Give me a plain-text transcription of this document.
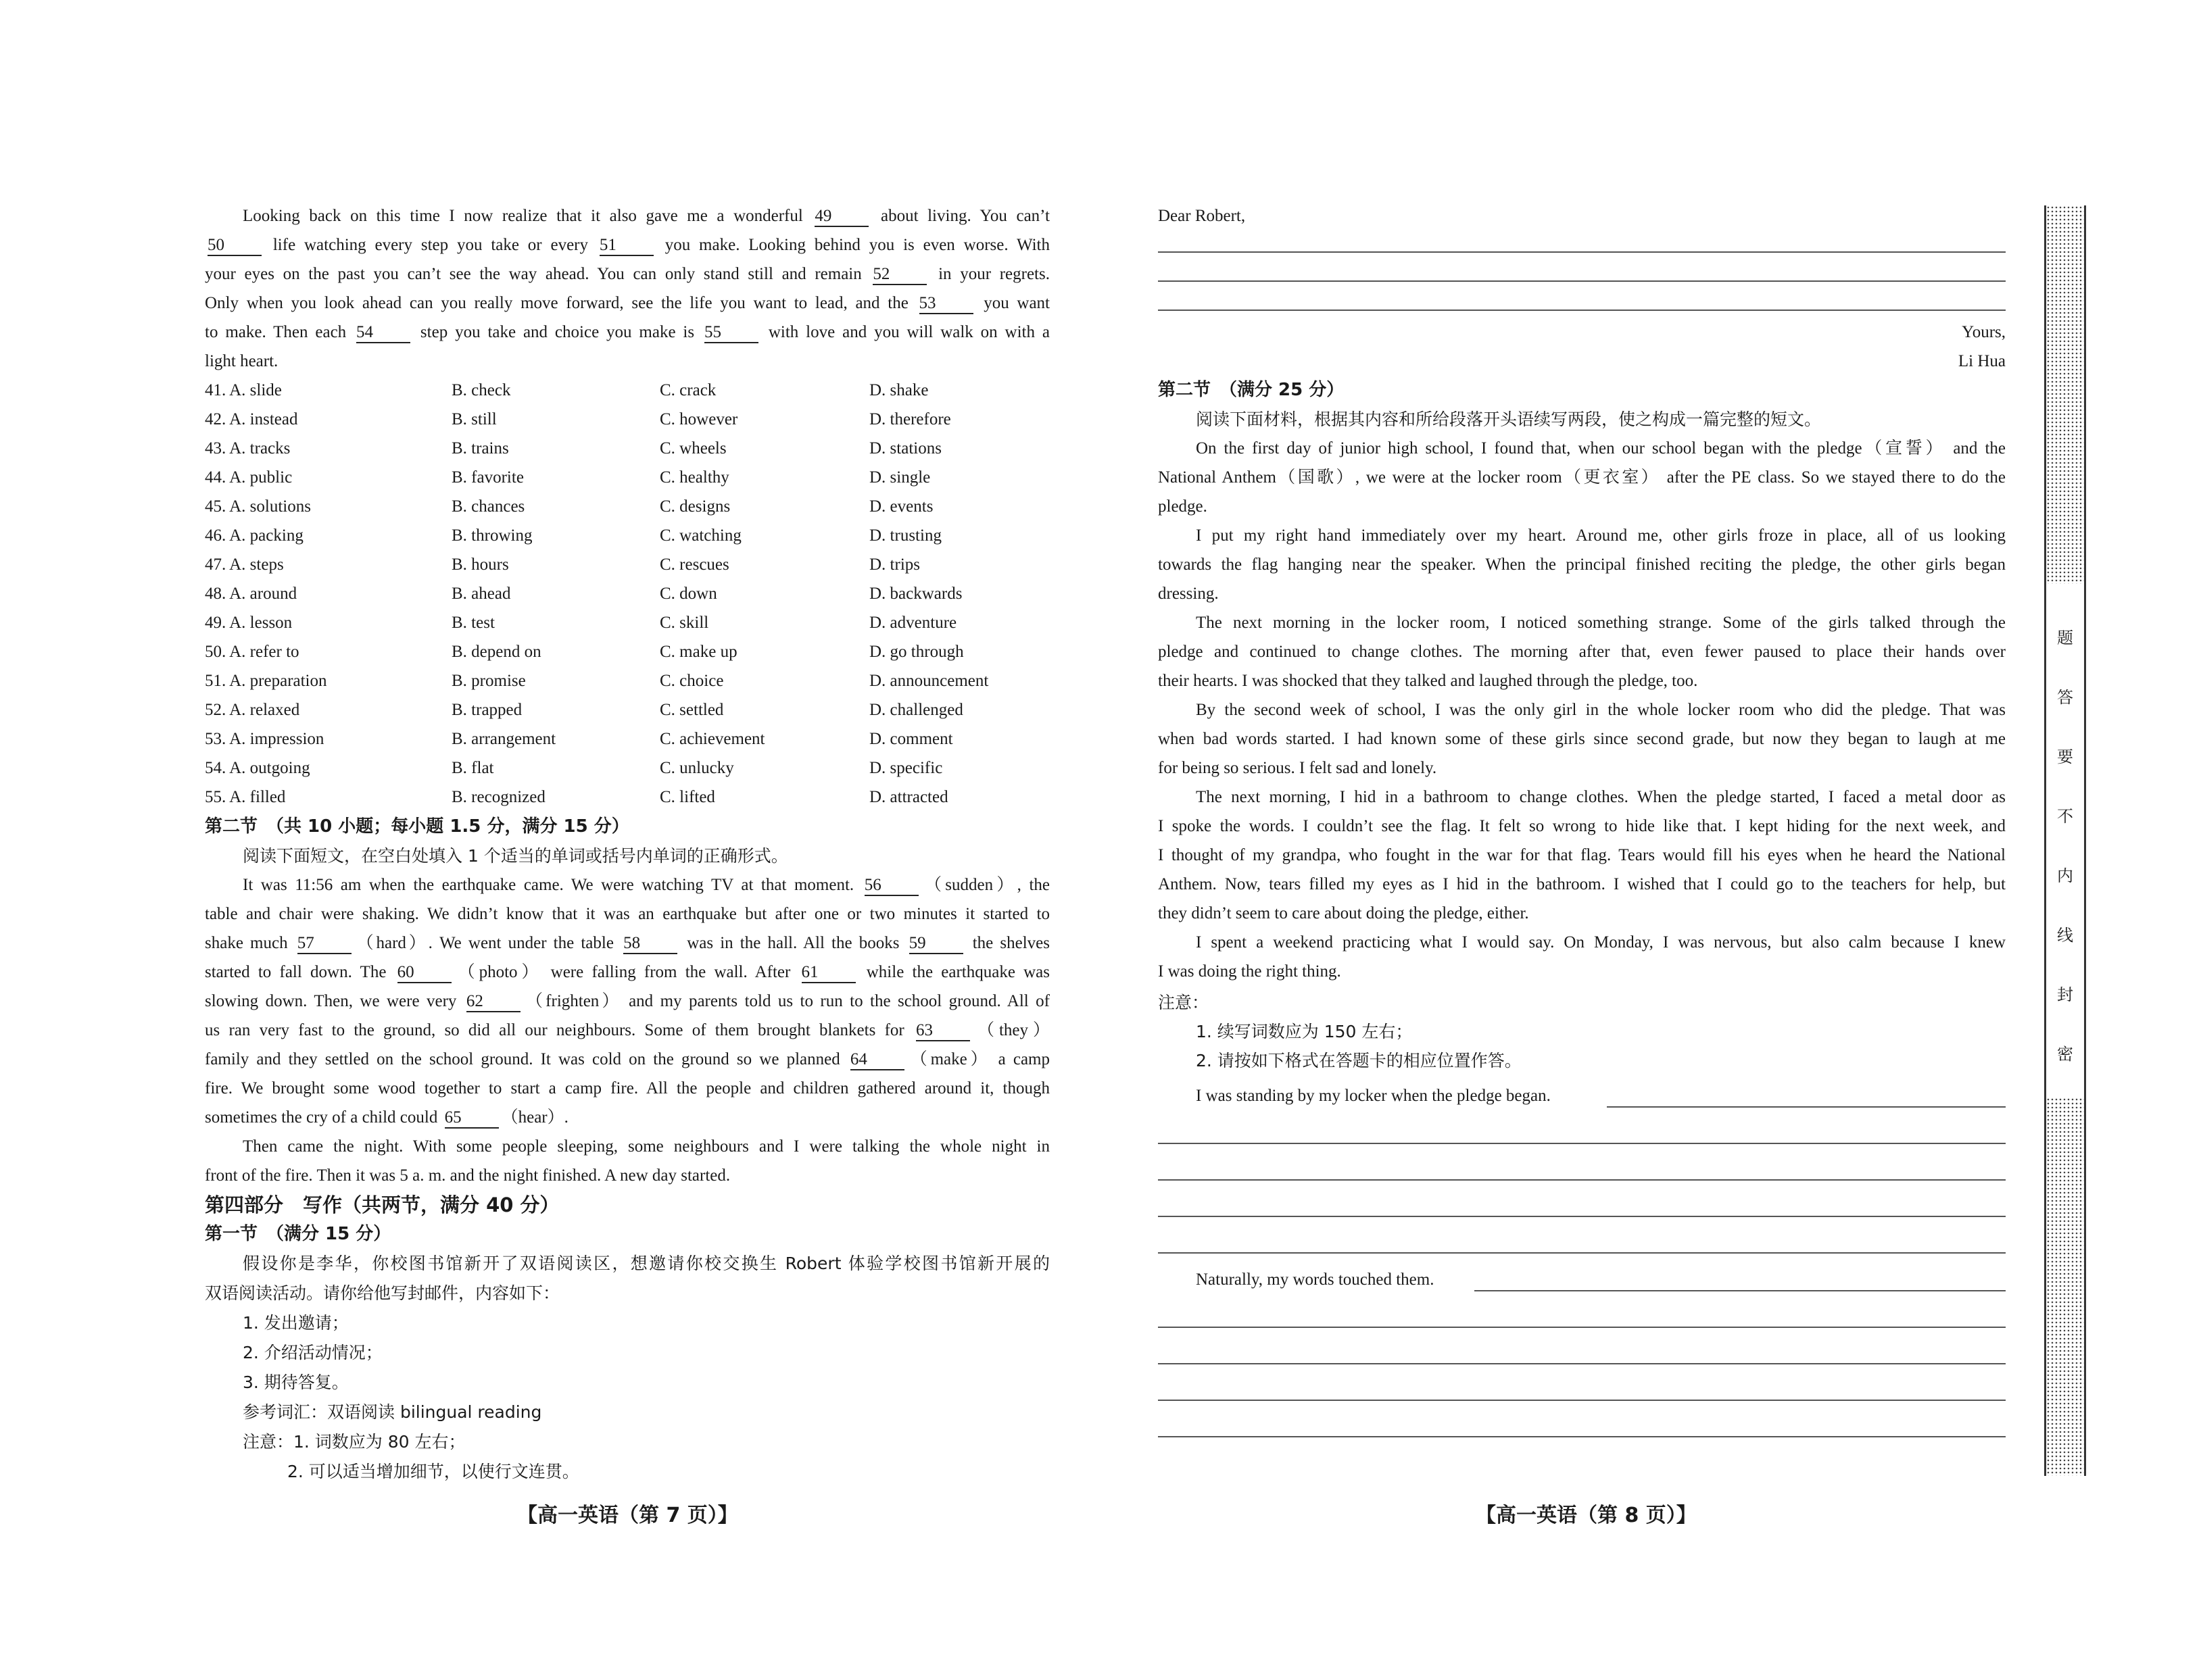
Looking back on this time I now realize that it also gave me a wonderful 49 about living. You can’t
50 life watching every step you take or every 51 you make. Looking behind you is even worse. With
your eyes on the past you can’t see the way ahead. You can only stand still and remain 52 in your regrets.
Only when you look ahead can you really move forward, see the life you want to lead, and the 53 you want
to make. Then each 54 step you take and choice you make is 55 with love and you will walk on with a
light heart.
41. A. slide	B. check	C. crack	D. shake
42. A. instead	B. still	C. however	D. therefore
43. A. tracks	B. trains	C. wheels	D. stations
44. A. public	B. favorite	C. healthy	D. single
45. A. solutions	B. chances	C. designs	D. events
46. A. packing	B. throwing	C. watching	D. trusting
47. A. steps	B. hours	C. rescues	D. trips
48. A. around	B. ahead	C. down	D. backwards
49. A. lesson	B. test	C. skill	D. adventure
50. A. refer to	B. depend on	C. make up	D. go through
51. A. preparation	B. promise	C. choice	D. announcement
52. A. relaxed	B. trapped	C. settled	D. challenged
53. A. impression	B. arrangement	C. achievement	D. comment
54. A. outgoing	B. flat	C. unlucky	D. specific
55. A. filled	B. recognized	C. lifted	D. attracted
第二节　（共 10 小题；每小题 1.5 分，满分 15 分）
阅读下面短文，在空白处填入 1 个适当的单词或括号内单词的正确形式。
It was 11:56 am when the earthquake came. We were watching TV at that moment. 56 （sudden）, the
table and chair were shaking. We didn’t know that it was an earthquake but after one or two minutes it started to
shake much 57 （hard）. We went under the table 58 was in the hall. All the books 59 the shelves
started to fall down. The 60 （photo） were falling from the wall. After 61 while the earthquake was
slowing down. Then, we were very 62 （frighten） and my parents told us to run to the school ground. All of
us ran very fast to the ground, so did all our neighbours. Some of them brought blankets for 63 （they）
family and they settled on the school ground. It was cold on the ground so we planned 64 （make） a camp
fire. We brought some wood together to start a camp fire. All the people and children gathered around it, though
sometimes the cry of a child could 65 （hear）.
Then came the night. With some people sleeping, some neighbours and I were talking the whole night in
front of the fire. Then it was 5 a. m. and the night finished. A new day started.
第四部分　写作（共两节，满分 40 分）
第一节　（满分 15 分）
假设你是李华，你校图书馆新开了双语阅读区，想邀请你校交换生 Robert 体验学校图书馆新开展的
双语阅读活动。请你给他写封邮件，内容如下：
1. 发出邀请；
2. 介绍活动情况；
3. 期待答复。
参考词汇：双语阅读 bilingual reading
注意：1. 词数应为 80 左右；
2. 可以适当增加细节，以使行文连贯。
【高一英语（第 7 页）】
Dear Robert,
Yours,
Li Hua
第二节　（满分 25 分）
阅读下面材料，根据其内容和所给段落开头语续写两段，使之构成一篇完整的短文。
On the first day of junior high school, I found that, when our school began with the pledge（宣誓） and the
National Anthem（国歌）, we were at the locker room（更衣室） after the PE class. So we stayed there to do the
pledge.
I put my right hand immediately over my heart. Around me, other girls froze in place, all of us looking
towards the flag hanging near the speaker. When the principal finished reciting the pledge, the other girls began
dressing.
The next morning in the locker room, I noticed something strange. Some of the girls talked through the
pledge and continued to change clothes. The morning after that, even fewer paused to place their hands over
their hearts. I was shocked that they talked and laughed through the pledge, too.
By the second week of school, I was the only girl in the whole locker room who did the pledge. That was
when bad words started. I had known some of these girls since second grade, but now they began to laugh at me
for being so serious. I felt sad and lonely.
The next morning, I hid in a bathroom to change clothes. When the pledge started, I faced a metal door as
I spoke the words. I couldn’t see the flag. It felt so wrong to hide like that. I kept hiding for the next week, and
I thought of my grandpa, who fought in the war for that flag. Tears would fill his eyes when he heard the National
Anthem. Now, tears filled my eyes as I hid in the bathroom. I wished that I could go to the teachers for help, but
they didn’t seem to care about doing the pledge, either.
I spent a weekend practicing what I would say. On Monday, I was nervous, but also calm because I knew
I was doing the right thing.
注意：
1. 续写词数应为 150 左右；
2. 请按如下格式在答题卡的相应位置作答。
I was standing by my locker when the pledge began.
Naturally, my words touched them.
【高一英语（第 8 页）】
题
答
要
不
内
线
封
密
